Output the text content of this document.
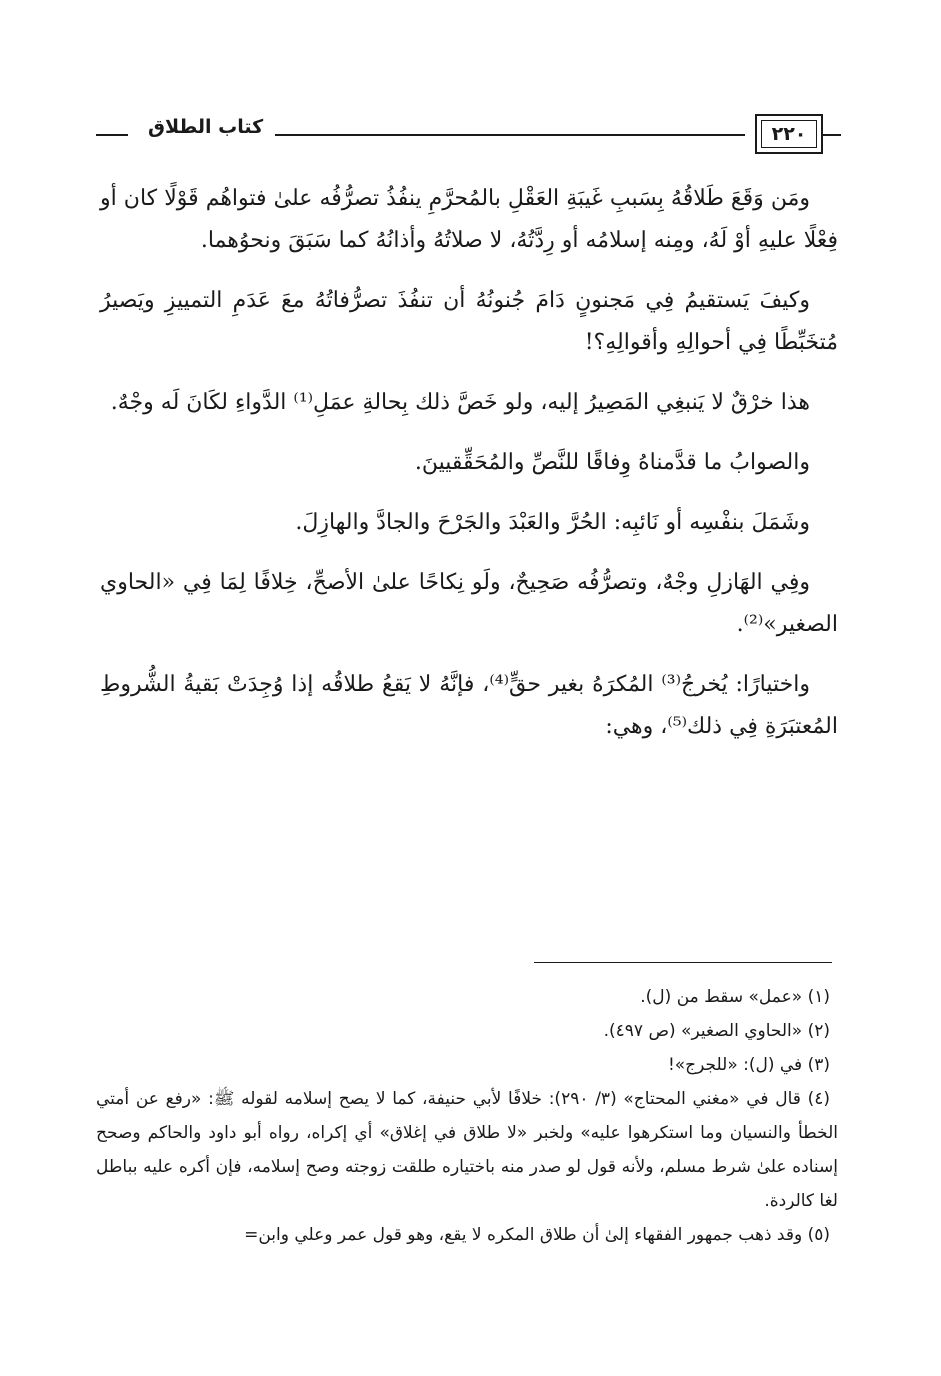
٢٢٠
كتاب الطلاق

ومَن وَقَعَ طَلاقُهُ بِسَببِ غَيبَةِ العَقْلِ بالمُحرَّمِ ينفُذُ تصرُّفُه علىٰ فتواهُم قَوْلًا كان أو فِعْلًا عليهِ أوْ لَهُ، ومِنه إسلامُه أو رِدَّتُهُ، لا صلاتُهُ وأذانُهُ كما سَبَقَ ونحوُهما.

وكيفَ يَستقيمُ فِي مَجنونٍ دَامَ جُنونُهُ أن تنفُذَ تصرُّفاتُهُ معَ عَدَمِ التمييزِ ويَصيرُ مُتخَبِّطًا فِي أحوالِهِ وأقوالِهِ؟!

هذا خرْقٌ لا يَنبغِي المَصِيرُ إليه، ولو خَصَّ ذلك بِحالةِ عمَلِ⁽¹⁾ الدَّواءِ لكَانَ لَه وجْهٌ.

والصوابُ ما قدَّمناهُ وِفاقًا للنَّصِّ والمُحَقِّقيينَ.

وشَمَلَ بنفْسِه أو نَائبِه: الحُرَّ والعَبْدَ والجَرْحَ والجادَّ والهازِلَ.

وفِي الهَازلِ وجْهٌ، وتصرُّفُه صَحِيحٌ، ولَو نِكاحًا علىٰ الأصحِّ، خِلافًا لِمَا فِي «الحاوي الصغير»⁽²⁾.

واختيارًا: يُخرجُ⁽³⁾ المُكرَهُ بغير حقٍّ⁽⁴⁾، فإنَّهُ لا يَقعُ طلاقُه إذا وُجِدَتْ بَقيةُ الشُّروطِ المُعتبَرَةِ فِي ذلك⁽⁵⁾، وهي:

(١) «عمل» سقط من (ل).

(٢) «الحاوي الصغير» (ص ٤٩٧).

(٣) في (ل): «للجرج»!

(٤) قال في «مغني المحتاج» (٣/ ٢٩٠): خلافًا لأبي حنيفة، كما لا يصح إسلامه لقوله ﷺ: «رفع عن أمتي الخطأ والنسيان وما استكرهوا عليه» ولخبر «لا طلاق في إغلاق» أي إكراه، رواه أبو داود والحاكم وصحح إسناده علىٰ شرط مسلم، ولأنه قول لو صدر منه باختياره طلقت زوجته وصح إسلامه، فإن أكره عليه بباطل لغا كالردة.

(٥) وقد ذهب جمهور الفقهاء إلىٰ أن طلاق المكره لا يقع، وهو قول عمر وعلي وابن=
